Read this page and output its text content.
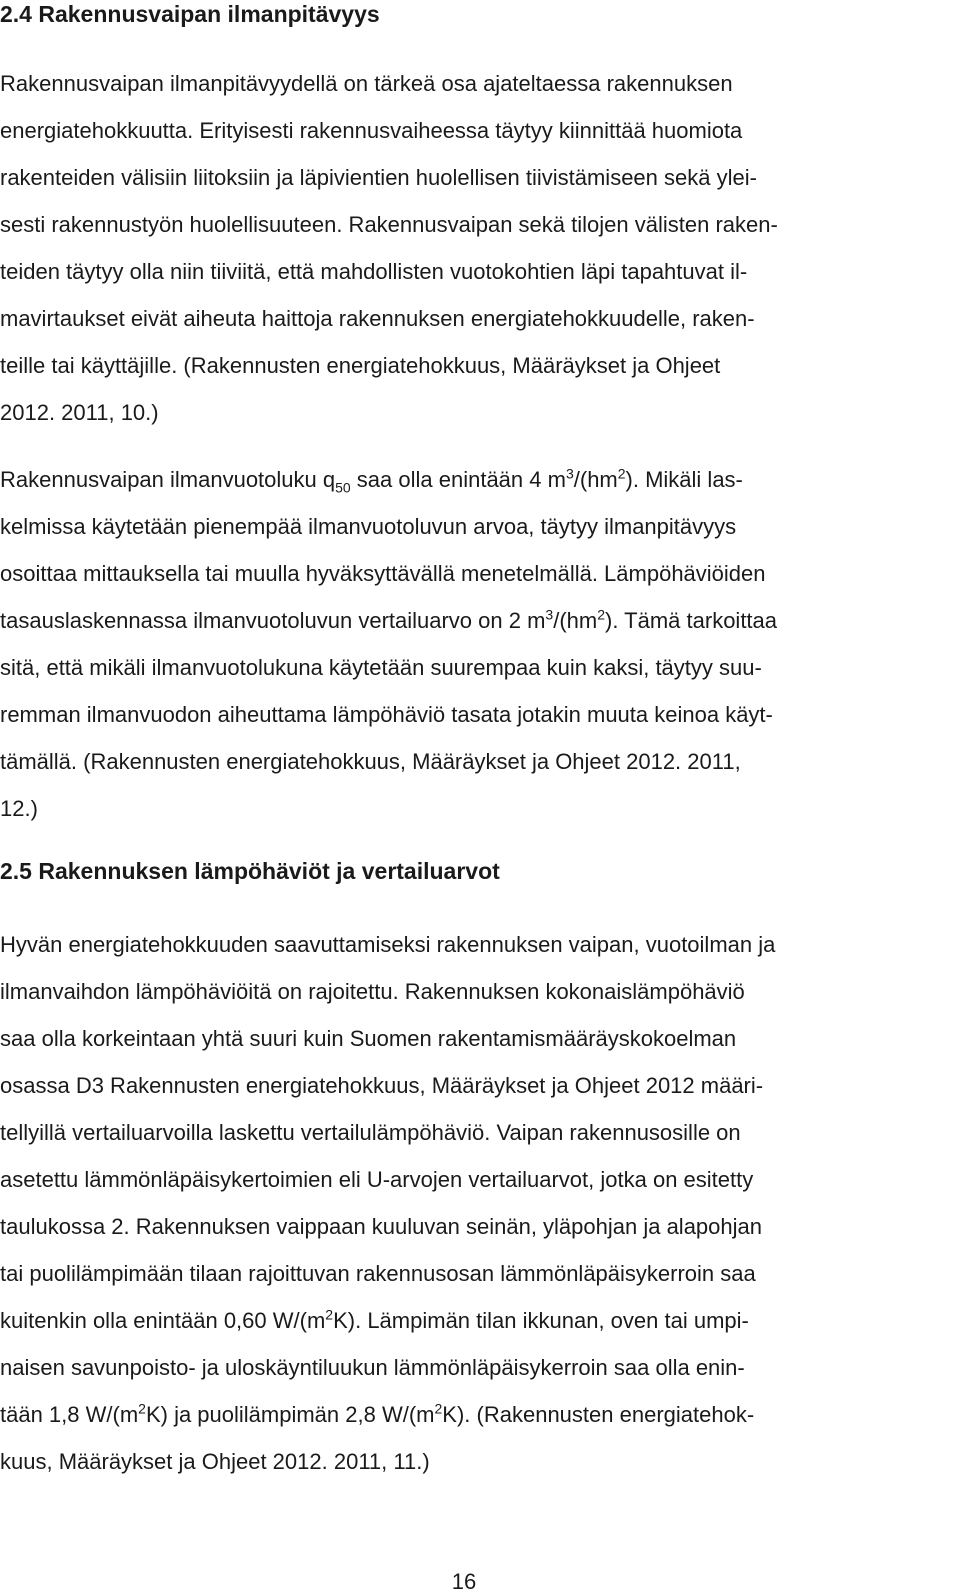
2.4 Rakennusvaipan ilmanpitävyys
Rakennusvaipan ilmanpitävyydellä on tärkeä osa ajateltaessa rakennuksen
energiatehokkuutta. Erityisesti rakennusvaiheessa täytyy kiinnittää huomiota
rakenteiden välisiin liitoksiin ja läpivientien huolellisen tiivistämiseen sekä ylei-
sesti rakennustyön huolellisuuteen. Rakennusvaipan sekä tilojen välisten raken-
teiden täytyy olla niin tiiviitä, että mahdollisten vuotokohtien läpi tapahtuvat il-
mavirtaukset eivät aiheuta haittoja rakennuksen energiatehokkuudelle, raken-
teille tai käyttäjille. (Rakennusten energiatehokkuus, Määräykset ja Ohjeet
2012. 2011, 10.)
Rakennusvaipan ilmanvuotoluku $q_{50}$ saa olla enintään 4 $m^3/(hm^2)$. Mikäli las-
kelmissa käytetään pienempää ilmanvuotoluvun arvoa, täytyy ilmanpitävyys
osoittaa mittauksella tai muulla hyväksyttävällä menetelmällä. Lämpöhäviöiden
tasauslaskennassa ilmanvuotoluvun vertailuarvo on 2 $m^3/(hm^2)$. Tämä tarkoittaa
sitä, että mikäli ilmanvuotolukuna käytetään suurempaa kuin kaksi, täytyy suu-
remman ilmanvuodon aiheuttama lämpöhäviö tasata jotakin muuta keinoa käyt-
tämällä. (Rakennusten energiatehokkuus, Määräykset ja Ohjeet 2012. 2011,
12.)
2.5 Rakennuksen lämpöhäviöt ja vertailuarvot
Hyvän energiatehokkuuden saavuttamiseksi rakennuksen vaipan, vuotoilman ja
ilmanvaihdon lämpöhäviöitä on rajoitettu. Rakennuksen kokonaislämpöhäviö
saa olla korkeintaan yhtä suuri kuin Suomen rakentamismääräyskokoelman
osassa D3 Rakennusten energiatehokkuus, Määräykset ja Ohjeet 2012 määri-
tellyillä vertailuarvoilla laskettu vertailulämpöhäviö. Vaipan rakennusosille on
asetettu lämmönläpäisykertoimien eli U-arvojen vertailuarvot, jotka on esitetty
taulukossa 2. Rakennuksen vaippaan kuuluvan seinän, yläpohjan ja alapohjan
tai puolilämpimään tilaan rajoittuvan rakennusosan lämmönläpäisykerroin saa
kuitenkin olla enintään 0,60 $W/(m^2K)$. Lämpimän tilan ikkunan, oven tai umpi-
naisen savunpoisto- ja uloskäyntiluukun lämmönläpäisykerroin saa olla enin-
tään 1,8 $W/(m^2K)$ ja puolilämpimän 2,8 $W/(m^2K)$. (Rakennusten energiatehok-
kuus, Määräykset ja Ohjeet 2012. 2011, 11.)
16
